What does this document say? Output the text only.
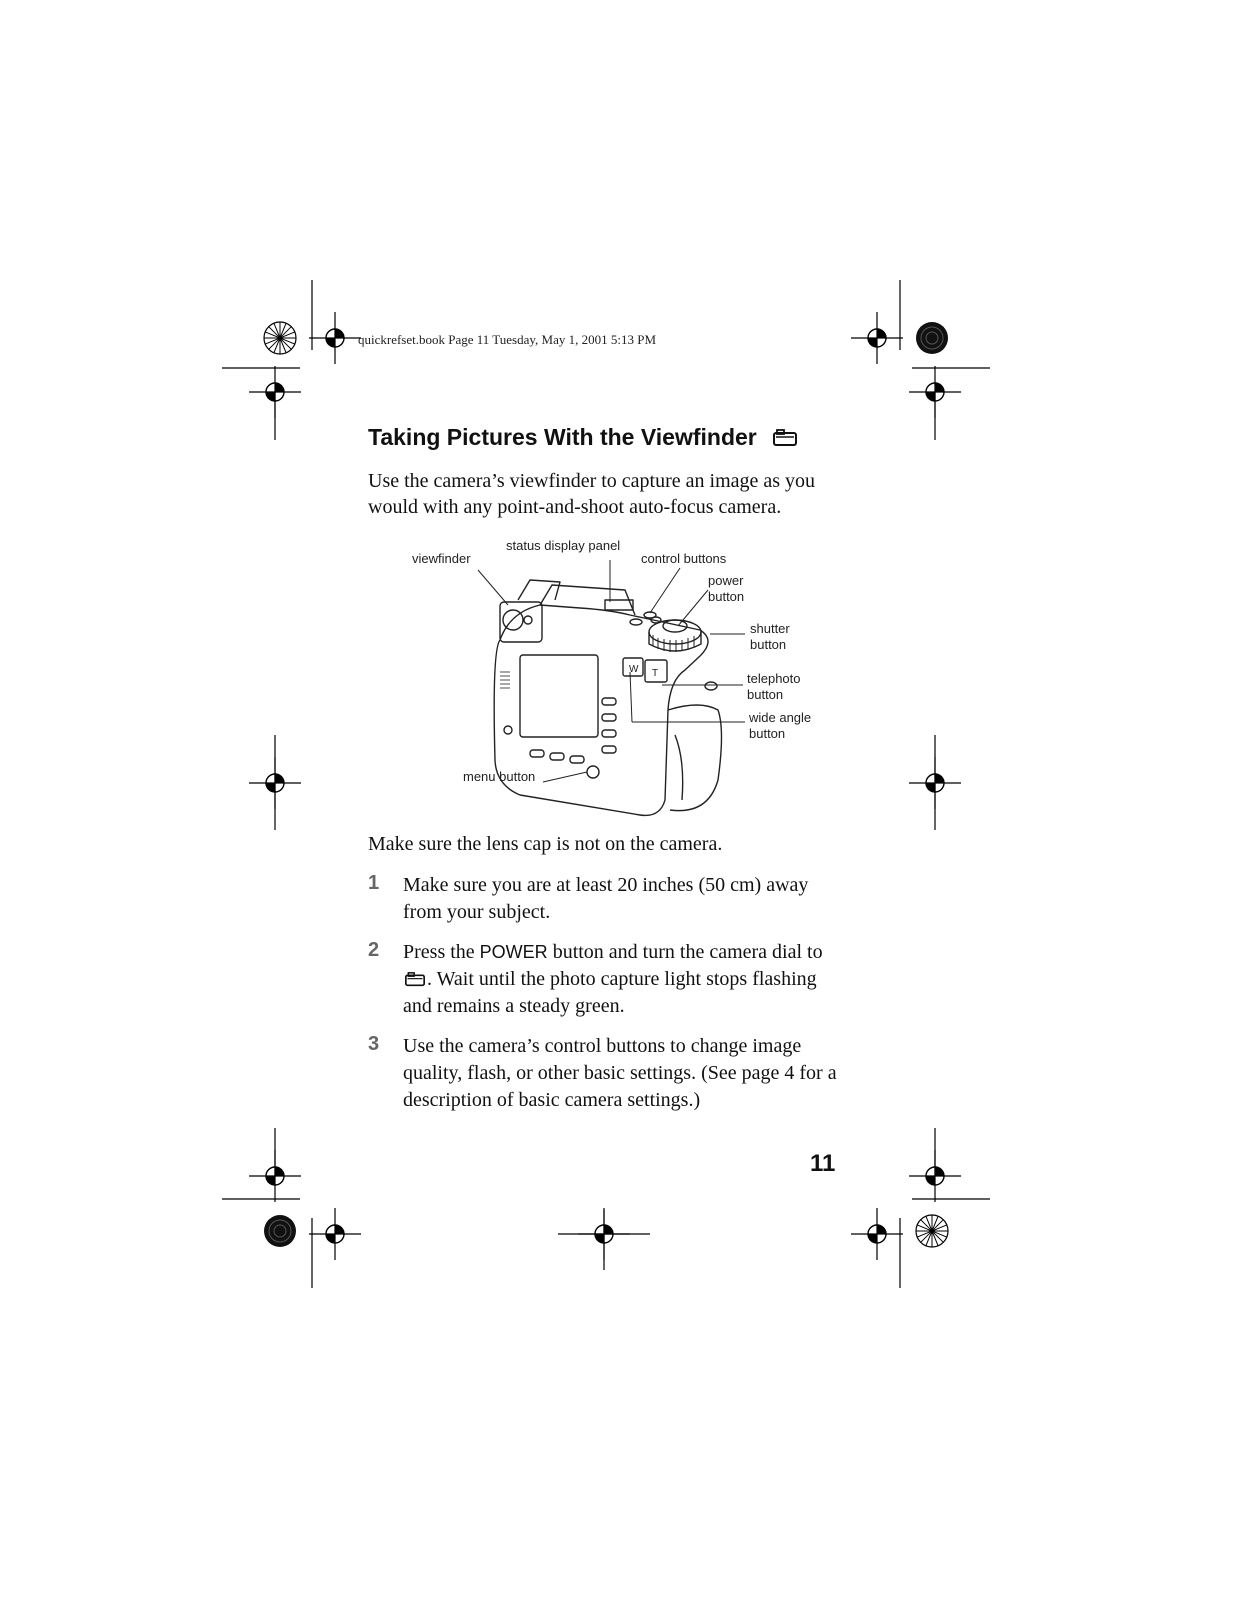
quickrefset.book Page 11 Tuesday, May 1, 2001 5:13 PM
Taking Pictures With the Viewfinder
Use the camera’s viewfinder to capture an image as you would with any point-and-shoot auto-focus camera.
W T
viewfinder
status display panel
control buttons
power
button
shutter
button
telephoto
button
wide angle
button
menu button
Make sure the lens cap is not on the camera.
1 Make sure you are at least 20 inches (50 cm) away from your subject.
2 Press the POWER button and turn the camera dial to . Wait until the photo capture light stops flashing and remains a steady green.
3 Use the camera’s control buttons to change image quality, flash, or other basic settings. (See page 4 for a description of basic camera settings.)
11
